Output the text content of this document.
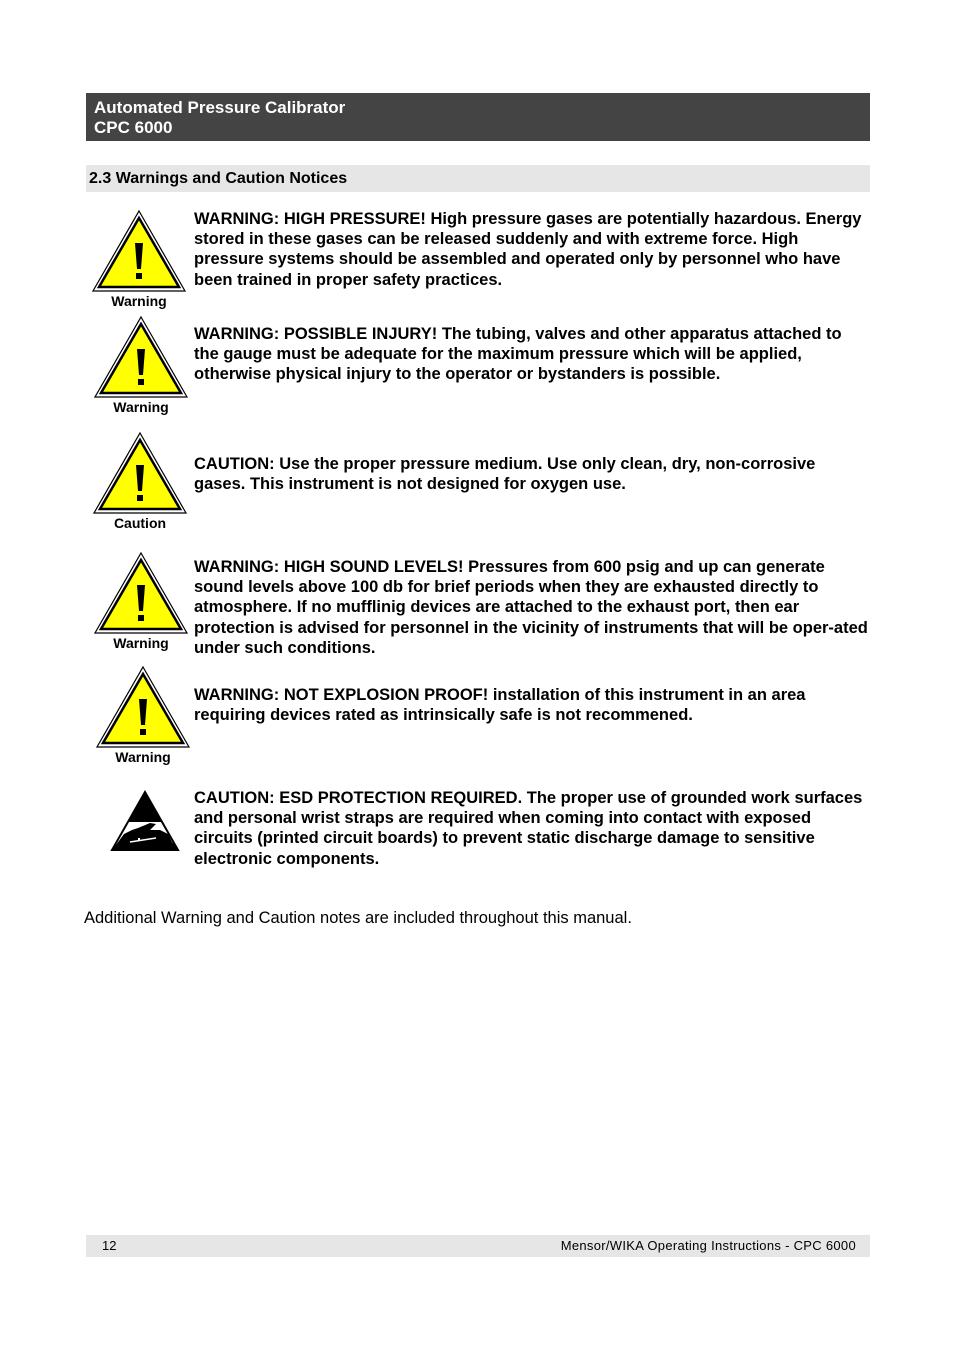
Automated Pressure Calibrator
CPC 6000
2.3 Warnings and Caution Notices
Warning
WARNING: HIGH PRESSURE! High pressure gases are potentially hazardous. Energy stored in these gases can be released suddenly and with extreme force. High pressure systems should be assembled and operated only by personnel who have been trained in proper safety practices.
Warning
WARNING: POSSIBLE INJURY! The tubing, valves and other apparatus attached to the gauge must be adequate for the maximum pressure which will be applied, otherwise physical injury to the operator or bystanders is possible.
Caution
CAUTION: Use the proper pressure medium. Use only clean, dry, non-corrosive gases. This instrument is not designed for oxygen use.
Warning
WARNING: HIGH SOUND LEVELS! Pressures from 600 psig and up can generate sound levels above 100 db for brief periods when they are exhausted directly to atmosphere. If no mufflinig devices are attached to the exhaust port, then ear protection is advised for personnel in the vicinity of instruments that will be oper-ated under such conditions.
Warning
WARNING: NOT EXPLOSION PROOF! installation of this instrument in an area requiring devices rated as intrinsically safe is not recommened.
CAUTION: ESD PROTECTION REQUIRED. The proper use of grounded work surfaces and personal wrist straps are required when coming into contact with exposed circuits (printed circuit boards) to prevent static discharge damage to sensitive electronic components.
Additional Warning and Caution notes are included throughout this manual.
12	Mensor/WIKA Operating Instructions - CPC 6000
